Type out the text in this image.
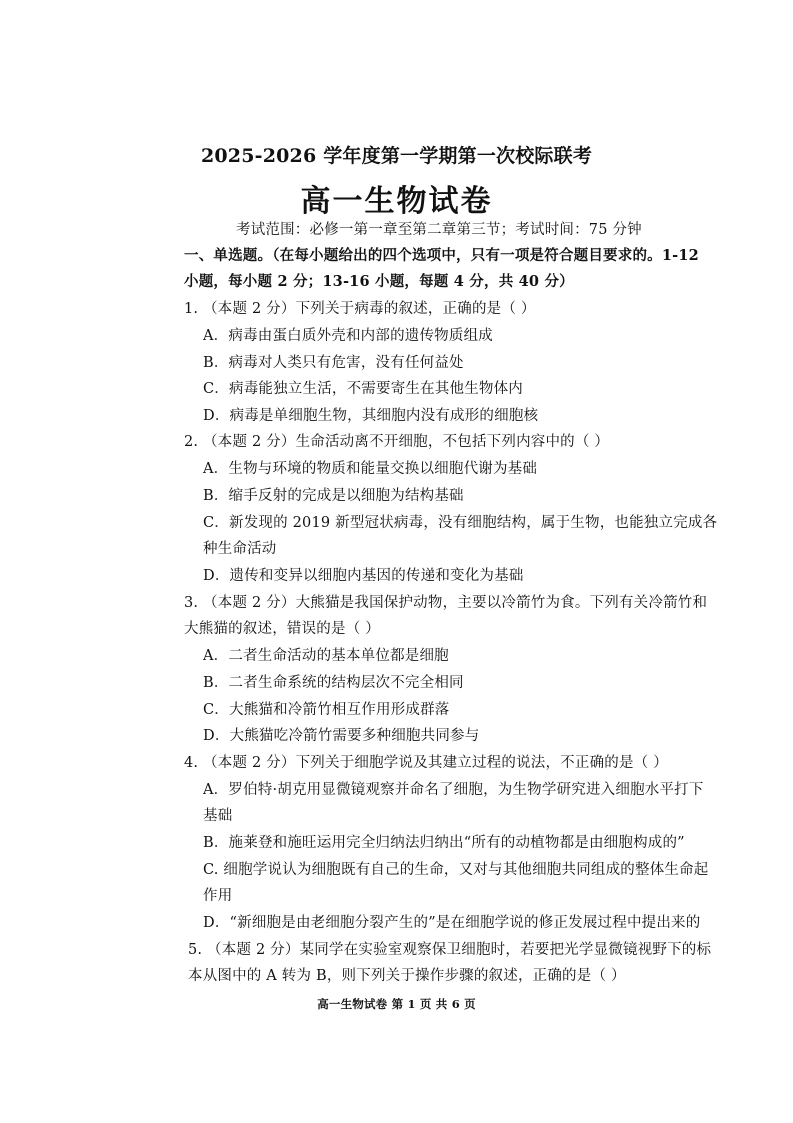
2025-2026 学年度第一学期第一次校际联考
高一生物试卷
考试范围：必修一第一章至第二章第三节；考试时间：75 分钟
一、单选题。（在每小题给出的四个选项中，只有一项是符合题目要求的。1-12
小题，每小题 2 分；13-16 小题，每题 4 分，共 40 分）
1. （本题 2 分）下列关于病毒的叙述，正确的是（ ）
A．病毒由蛋白质外壳和内部的遗传物质组成
B．病毒对人类只有危害，没有任何益处
C．病毒能独立生活，不需要寄生在其他生物体内
D．病毒是单细胞生物，其细胞内没有成形的细胞核
2. （本题 2 分）生命活动离不开细胞，不包括下列内容中的（ ）
A．生物与环境的物质和能量交换以细胞代谢为基础
B．缩手反射的完成是以细胞为结构基础
C．新发现的 2019 新型冠状病毒，没有细胞结构，属于生物，也能独立完成各
种生命活动
D．遗传和变异以细胞内基因的传递和变化为基础
3. （本题 2 分）大熊猫是我国保护动物，主要以冷箭竹为食。下列有关冷箭竹和
大熊猫的叙述，错误的是（ ）
A．二者生命活动的基本单位都是细胞
B．二者生命系统的结构层次不完全相同
C．大熊猫和冷箭竹相互作用形成群落
D．大熊猫吃冷箭竹需要多种细胞共同参与
4. （本题 2 分）下列关于细胞学说及其建立过程的说法，不正确的是（ ）
A．罗伯特·胡克用显微镜观察并命名了细胞，为生物学研究进入细胞水平打下
基础
B．施莱登和施旺运用完全归纳法归纳出“所有的动植物都是由细胞构成的”
C. 细胞学说认为细胞既有自己的生命，又对与其他细胞共同组成的整体生命起
作用
D．“新细胞是由老细胞分裂产生的”是在细胞学说的修正发展过程中提出来的
5. （本题 2 分）某同学在实验室观察保卫细胞时，若要把光学显微镜视野下的标
本从图中的 A 转为 B，则下列关于操作步骤的叙述，正确的是（ ）
高一生物试卷 第 1 页 共 6 页
